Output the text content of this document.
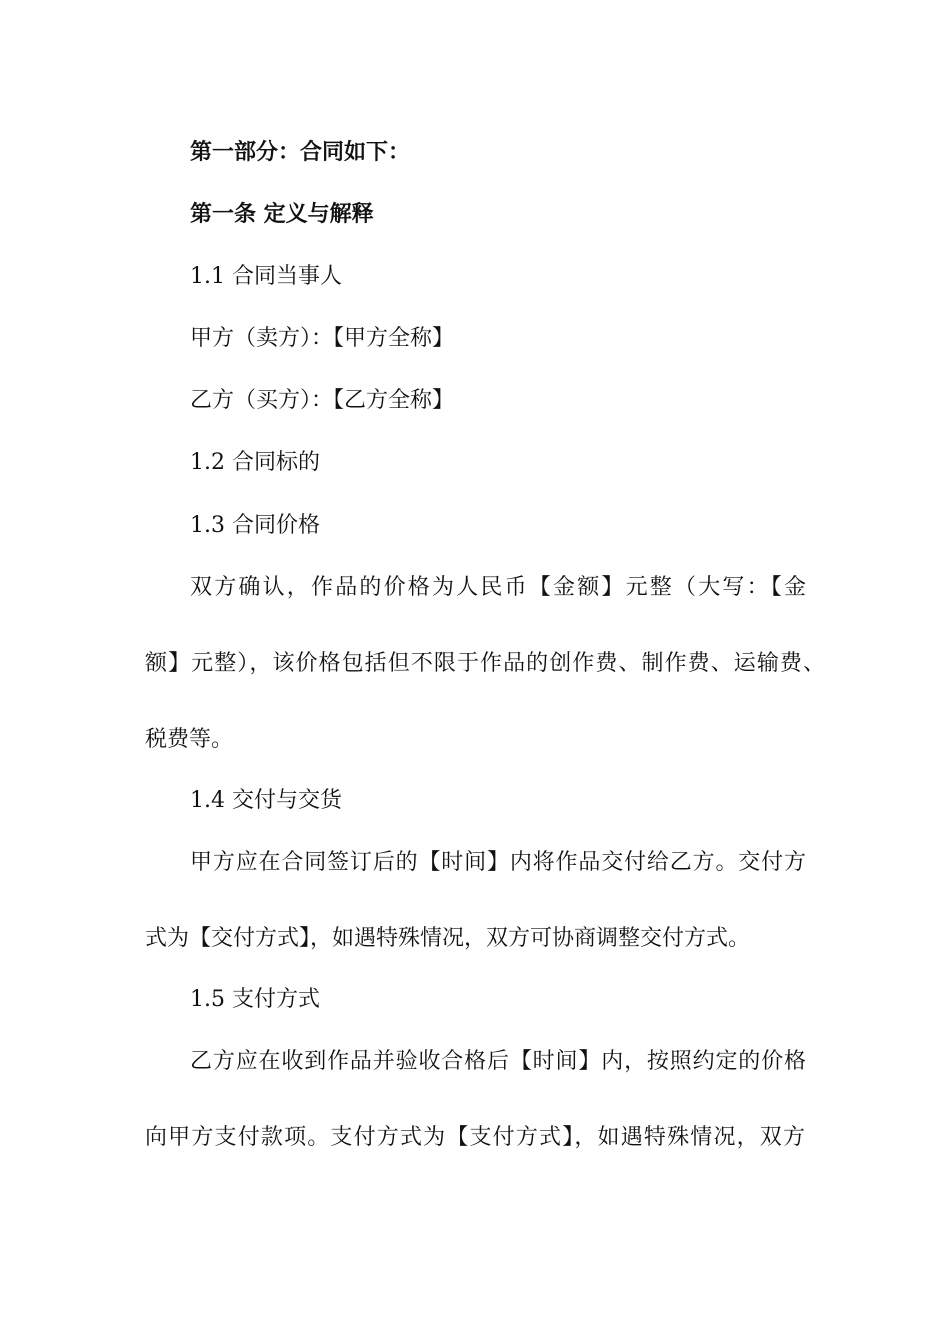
第一部分：合同如下：
第一条 定义与解释
1.1 合同当事人
甲方（卖方）：【甲方全称】
乙方（买方）：【乙方全称】
1.2 合同标的
1.3 合同价格
双方确认，作品的价格为人民币【金额】元整（大写：【金
额】元整），该价格包括但不限于作品的创作费、制作费、运输费、
税费等。
1.4 交付与交货
甲方应在合同签订后的【时间】内将作品交付给乙方。交付方
式为【交付方式】，如遇特殊情况，双方可协商调整交付方式。
1.5 支付方式
乙方应在收到作品并验收合格后【时间】内，按照约定的价格
向甲方支付款项。支付方式为【支付方式】，如遇特殊情况，双方
